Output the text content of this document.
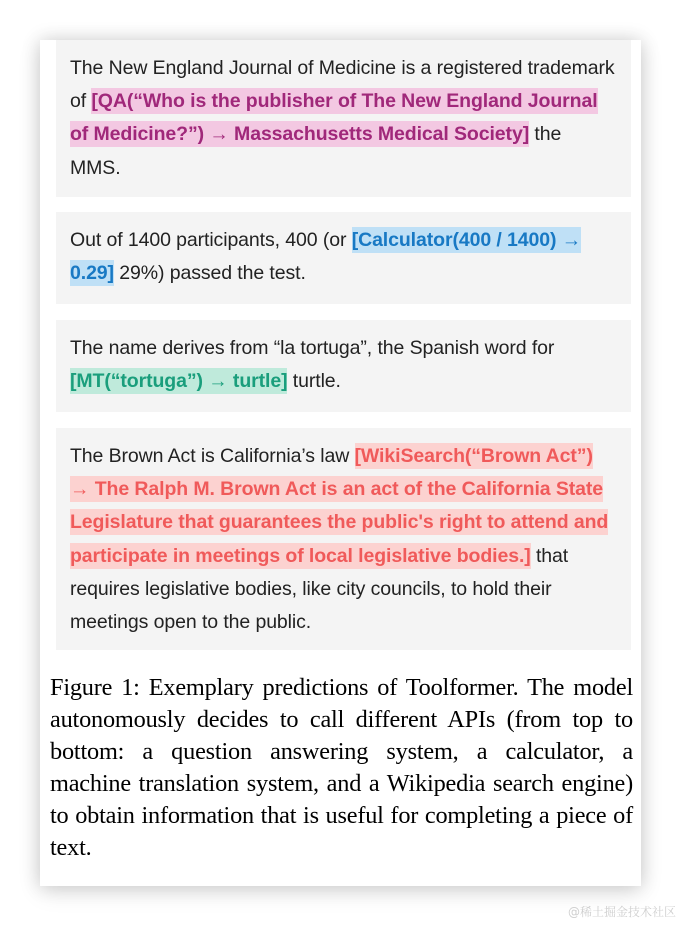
The New England Journal of Medicine is a registered trademark of [QA(“Who is the publisher of The New England Journal of Medicine?”) → Massachusetts Medical Society] the MMS.
Out of 1400 participants, 400 (or [Calculator(400 / 1400) → 0.29] 29%) passed the test.
The name derives from “la tortuga”, the Spanish word for [MT(“tortuga”) → turtle] turtle.
The Brown Act is California’s law [WikiSearch(“Brown Act”) → The Ralph M. Brown Act is an act of the California State Legislature that guarantees the public's right to attend and participate in meetings of local legislative bodies.] that requires legislative bodies, like city councils, to hold their meetings open to the public.
Figure 1: Exemplary predictions of Toolformer. The model autonomously decides to call different APIs (from top to bottom: a question answering system, a calculator, a machine translation system, and a Wikipedia search engine) to obtain information that is useful for completing a piece of text.
@稀土掘金技术社区
